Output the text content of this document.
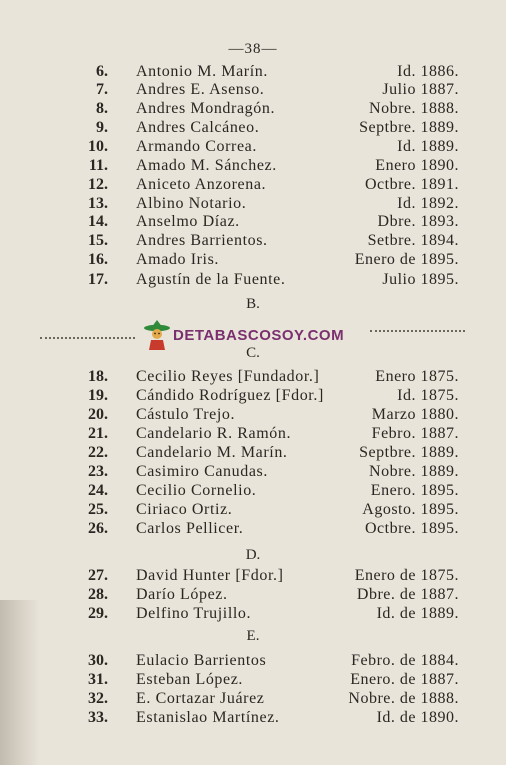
—38—
6. Antonio M. Marín.	Id. 1886.
7. Andres E. Asenso.	Julio 1887.
8. Andres Mondragón.	Nobre. 1888.
9. Andres Calcáneo.	Septbre. 1889.
10. Armando Correa.	Id. 1889.
11. Amado M. Sánchez.	Enero 1890.
12. Aniceto Anzorena.	Octbre. 1891.
13. Albino Notario.	Id. 1892.
14. Anselmo Díaz.	Dbre. 1893.
15. Andres Barrientos.	Setbre. 1894.
16. Amado Iris.	Enero de 1895.
17. Agustín de la Fuente.	Julio 1895.
18. Cecilio Reyes [Fundador.]	Enero 1875.
19. Cándido Rodríguez [Fdor.]	Id. 1875.
20. Cástulo Trejo.	Marzo 1880.
21. Candelario R. Ramón.	Febro. 1887.
22. Candelario M. Marín.	Septbre. 1889.
23. Casimiro Canudas.	Nobre. 1889.
24. Cecilio Cornelio.	Enero. 1895.
25. Ciriaco Ortiz.	Agosto. 1895.
26. Carlos Pellicer.	Octbre. 1895.
27. David Hunter [Fdor.]	Enero de 1875.
28. Darío López.	Dbre. de 1887.
29. Delfino Trujillo.	Id. de 1889.
30. Eulacio Barrientos	Febro. de 1884.
31. Esteban López.	Enero. de 1887.
32. E. Cortazar Juárez	Nobre. de 1888.
33. Estanislao Martínez.	Id. de 1890.
B.
DETABASCOSOY.COM
C.
D.
E.
